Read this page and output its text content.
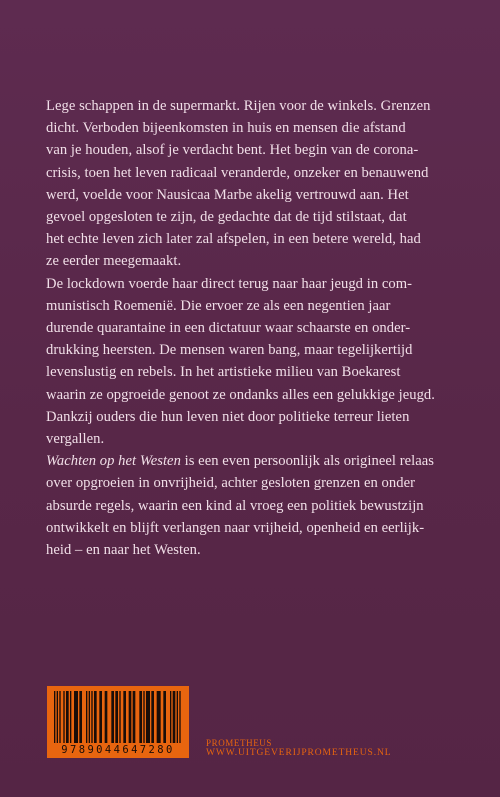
Lege schappen in de supermarkt. Rijen voor de winkels. Grenzen
dicht. Verboden bijeenkomsten in huis en mensen die afstand
van je houden, alsof je verdacht bent. Het begin van de corona-
crisis, toen het leven radicaal veranderde, onzeker en benauwend
werd, voelde voor Nausicaa Marbe akelig vertrouwd aan. Het
gevoel opgesloten te zijn, de gedachte dat de tijd stilstaat, dat
het echte leven zich later zal afspelen, in een betere wereld, had
ze eerder meegemaakt.

De lockdown voerde haar direct terug naar haar jeugd in com-
munistisch Roemenië. Die ervoer ze als een negentien jaar
durende quarantaine in een dictatuur waar schaarste en onder-
drukking heersten. De mensen waren bang, maar tegelijkertijd
levenslustig en rebels. In het artistieke milieu van Boekarest
waarin ze opgroeide genoot ze ondanks alles een gelukkige jeugd.
Dankzij ouders die hun leven niet door politieke terreur lieten
vergallen.

Wachten op het Westen is een even persoonlijk als origineel relaas
over opgroeien in onvrijheid, achter gesloten grenzen en onder
absurde regels, waarin een kind al vroeg een politiek bewustzijn
ontwikkelt en blijft verlangen naar vrijheid, openheid en eerlijk-
heid – en naar het Westen.

9789044647280
PROMETHEUS
WWW.UITGEVERIJPROMETHEUS.NL
